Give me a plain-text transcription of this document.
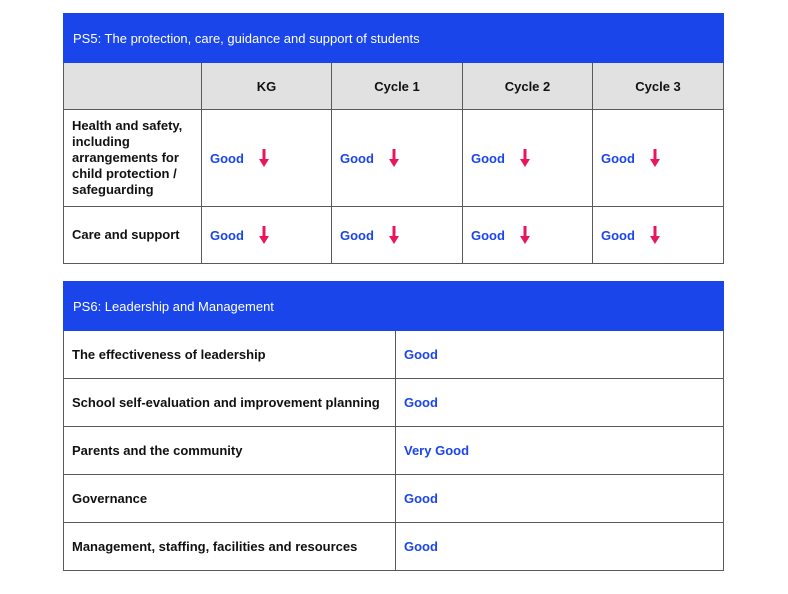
PS5: The protection, care, guidance and support of students				
	KG	Cycle 1	Cycle 2	Cycle 3
Health and safety, including arrangements for child protection / safeguarding	Good	Good	Good	Good

Care and support	Good	Good	Good	Good
PS6: Leadership and Management	
The effectiveness of leadership	Good
School self-evaluation and improvement planning	Good
Parents and the community	Very Good
Governance	Good
Management, staffing, facilities and resources	Good
